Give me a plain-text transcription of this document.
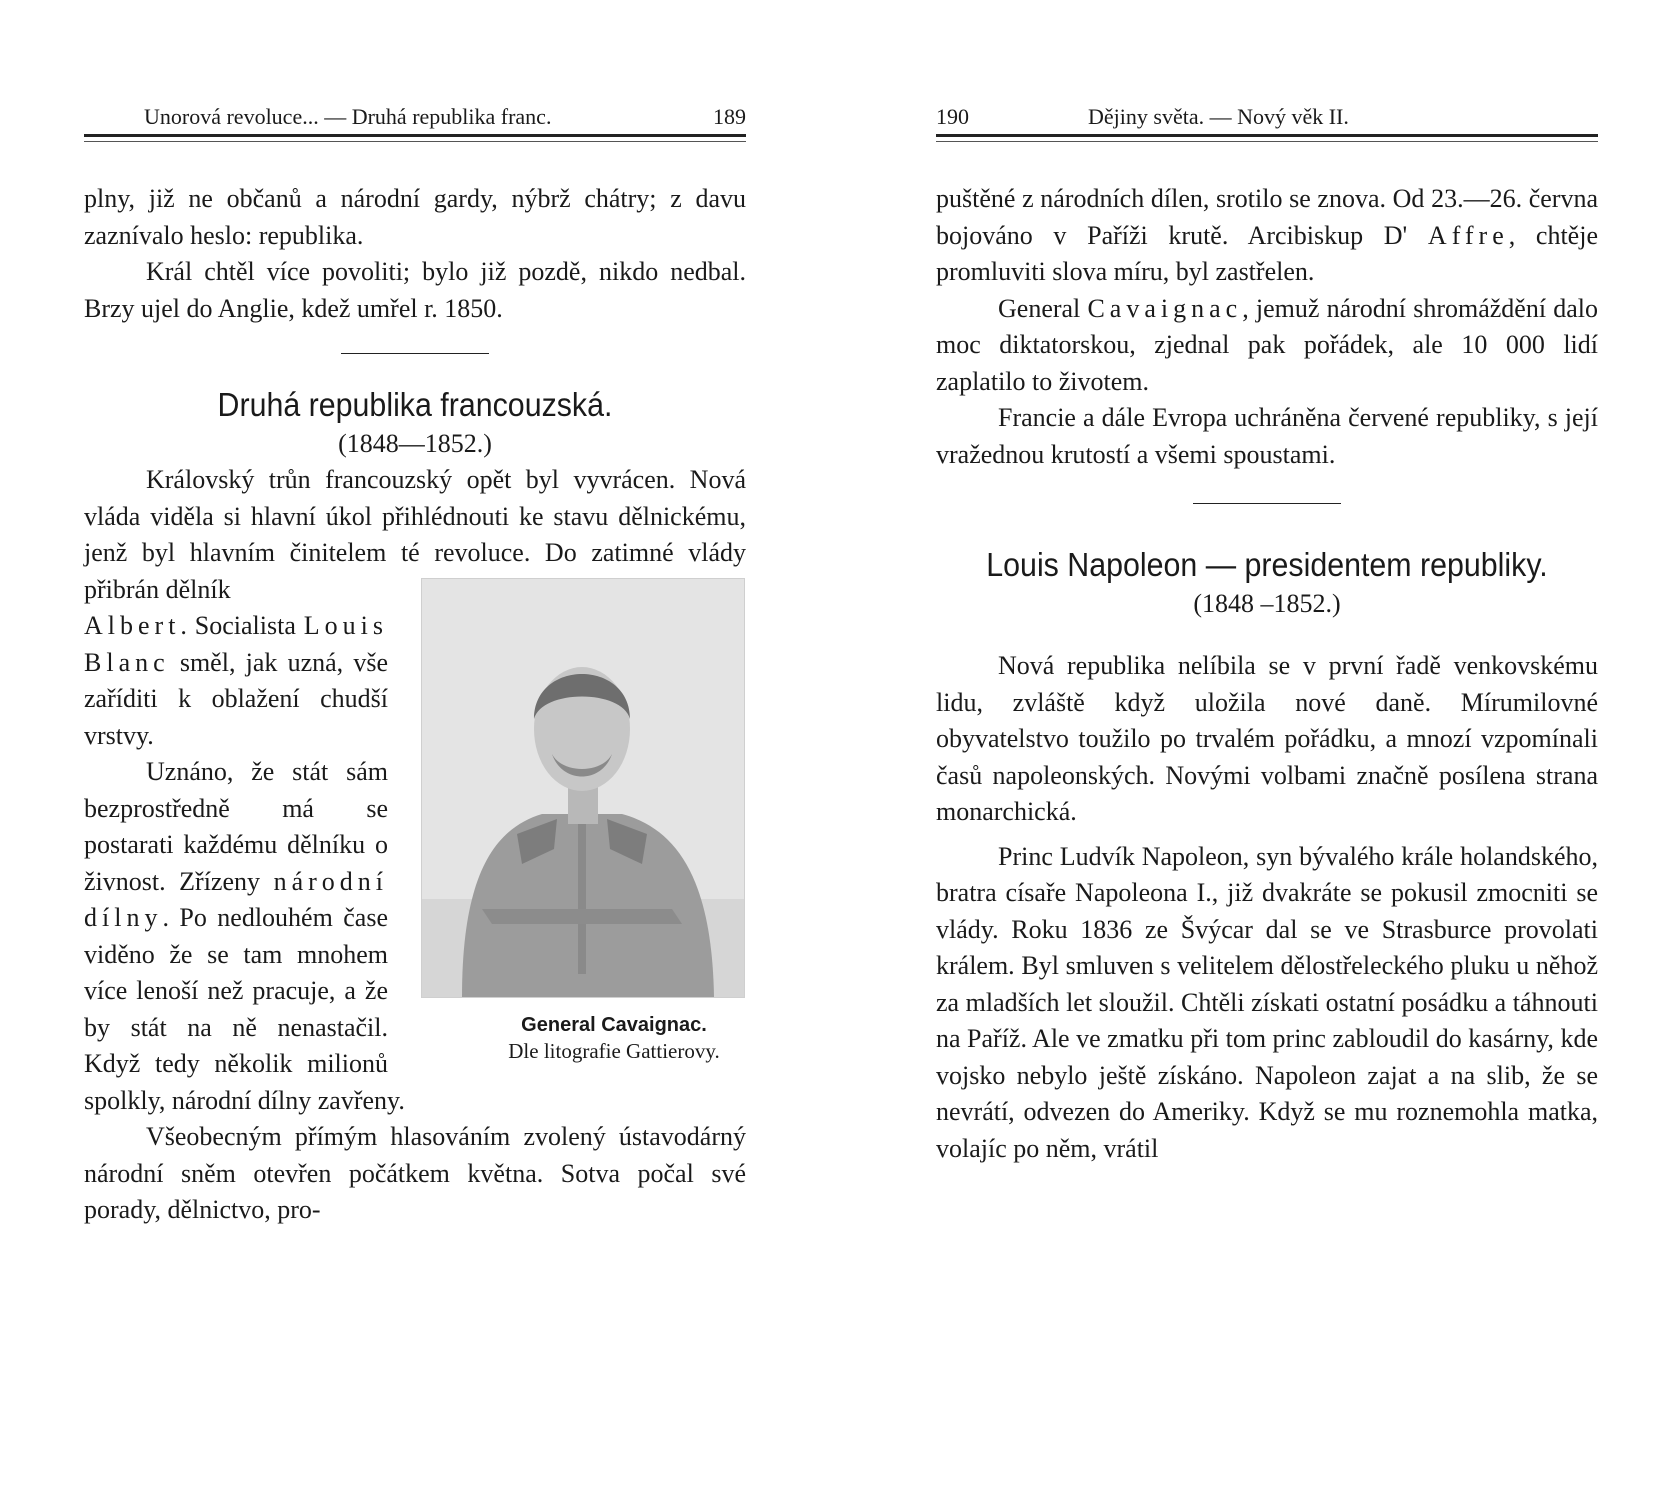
Unorová revoluce... — Druhá republika franc.	189

plny, již ne občanů a národní gardy, nýbrž chátry; z davu zaznívalo heslo: republika.

Král chtěl více povoliti; bylo již pozdě, nikdo nedbal. Brzy ujel do Anglie, kdež umřel r. 1850.

Druhá republika francouzská.

(1848—1852.)

Královský trůn francouzský opět byl vyvrácen. Nová vláda viděla si hlavní úkol přihlédnouti ke stavu dělnickému, jenž byl hlavním činitelem té revoluce. Do zatimné vlády přibrán dělník
General Cavaignac.
Dle litografie Gattierovy.

Albert. Socialista Louis Blanc směl, jak uzná, vše zaříditi k oblažení chudší vrstvy.

Uznáno, že stát sám bezprostředně má se postarati každému dělníku o živnost. Zřízeny národní dílny. Po nedlouhém čase viděno že se tam mnohem více lenoší než pracuje, a že by stát na ně nenastačil. Když tedy několik milionů spolkly, národní dílny zavřeny.

Všeobecným přímým hlasováním zvolený ústavodárný národní sněm otevřen počátkem května. Sotva počal své porady, dělnictvo, pro-

190	Dějiny světa. — Nový věk II.

puštěné z národních dílen, srotilo se znova. Od 23.—26. června bojováno v Paříži krutě. Arcibiskup D' Affre, chtěje promluviti slova míru, byl zastřelen.

General Cavaignac, jemuž národní shromáždění dalo moc diktatorskou, zjednal pak pořádek, ale 10 000 lidí zaplatilo to životem.

Francie a dále Evropa uchráněna červené republiky, s její vražednou krutostí a všemi spoustami.

Louis Napoleon — presidentem republiky.

(1848 –1852.)

Nová republika nelíbila se v první řadě venkovskému lidu, zvláště když uložila nové daně. Mírumilovné obyvatelstvo toužilo po trvalém pořádku, a mnozí vzpomínali časů napoleonských. Novými volbami značně posílena strana monarchická.

Princ Ludvík Napoleon, syn bývalého krále holandského, bratra císaře Napoleona I., již dvakráte se pokusil zmocniti se vlády. Roku 1836 ze Švýcar dal se ve Strasburce provolati králem. Byl smluven s velitelem dělostřeleckého pluku u něhož za mladších let sloužil. Chtěli získati ostatní posádku a táhnouti na Paříž. Ale ve zmatku při tom princ zabloudil do kasárny, kde vojsko nebylo ještě získáno. Napoleon zajat a na slib, že se nevrátí, odvezen do Ameriky. Když se mu roznemohla matka, volajíc po něm, vrátil
